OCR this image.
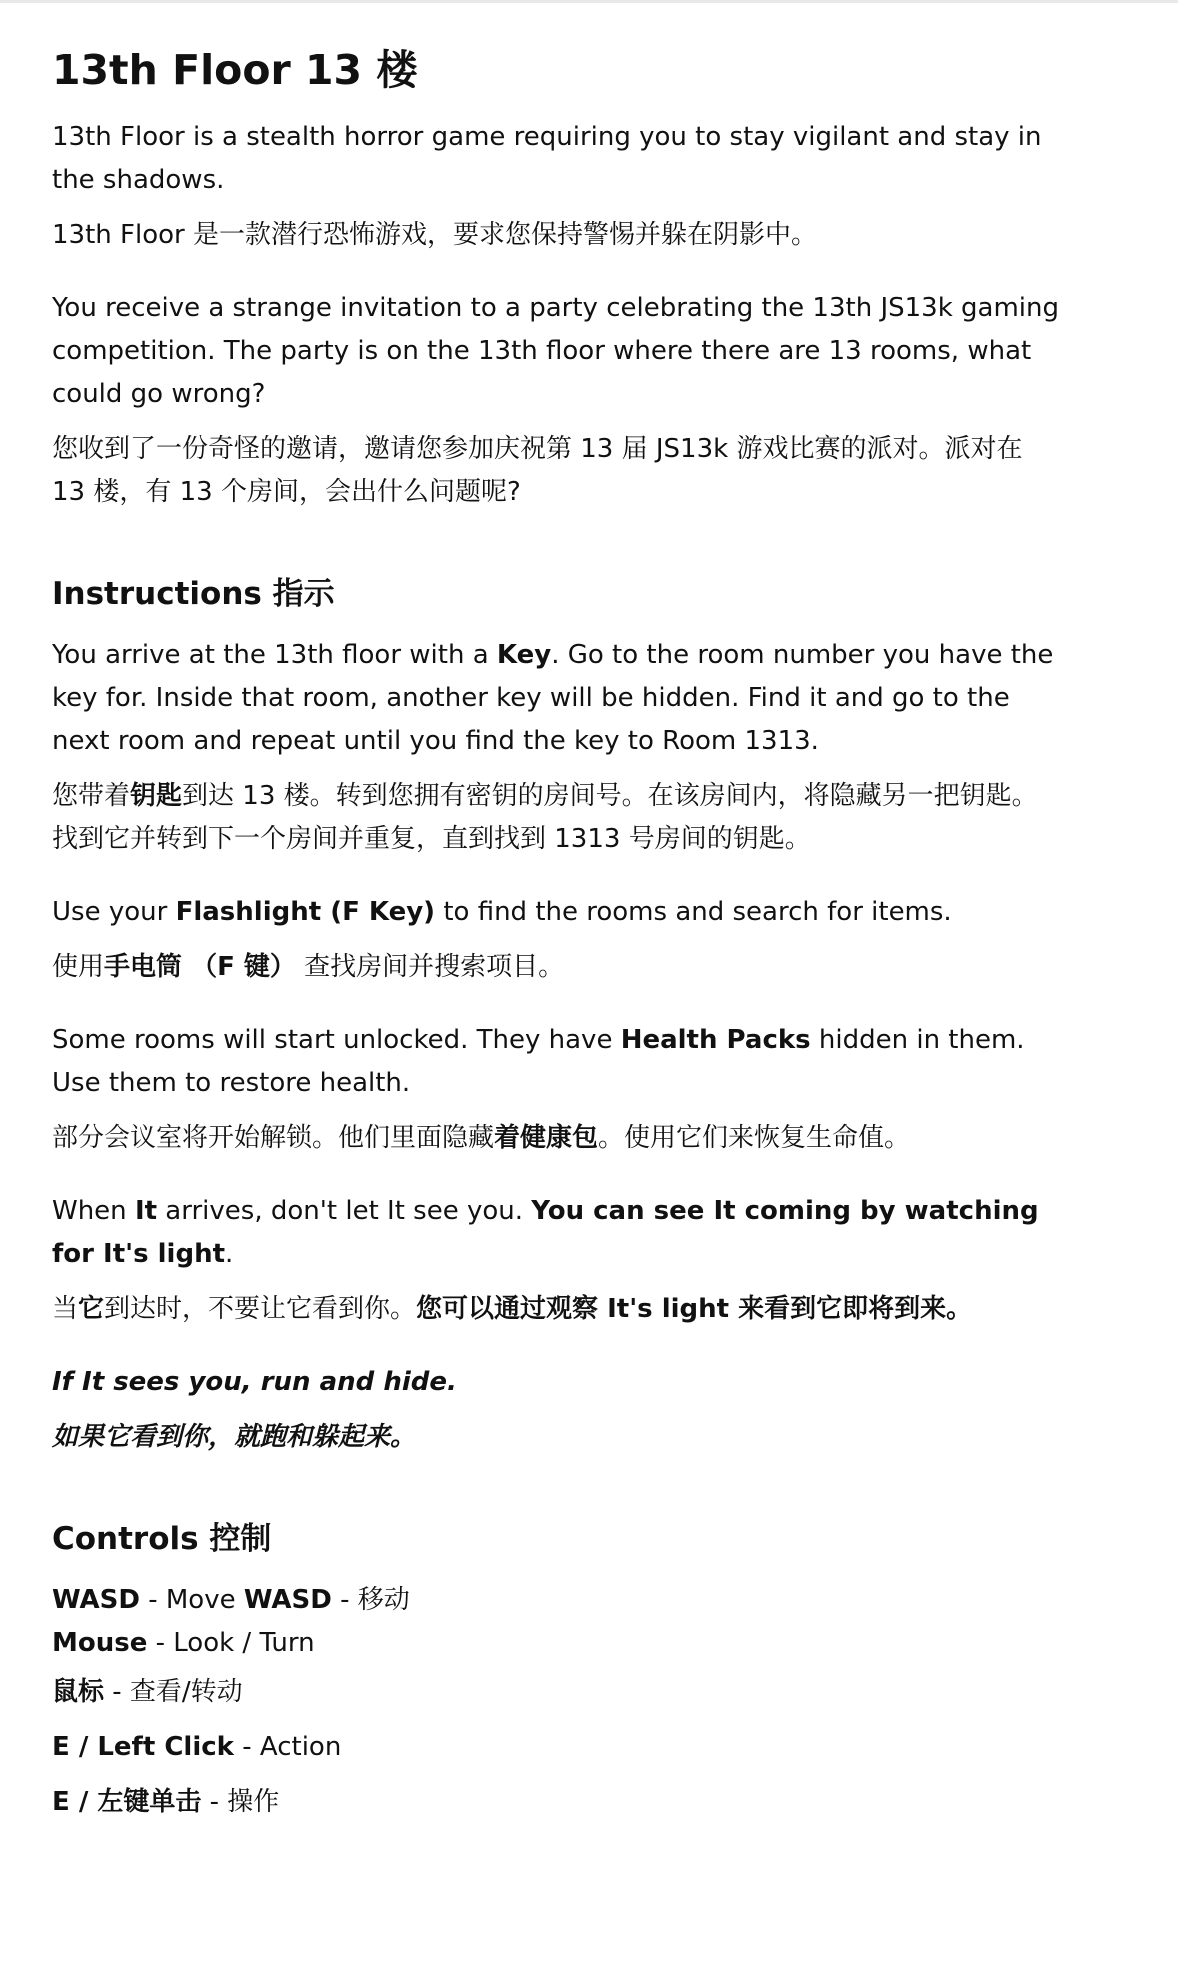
13th Floor 13 楼

13th Floor is a stealth horror game requiring you to stay vigilant and stay in the shadows.

13th Floor 是一款潜行恐怖游戏，要求您保持警惕并躲在阴影中。

You receive a strange invitation to a party celebrating the 13th JS13k gaming competition. The party is on the 13th floor where there are 13 rooms, what could go wrong?

您收到了一份奇怪的邀请，邀请您参加庆祝第 13 届 JS13k 游戏比赛的派对。派对在 13 楼，有 13 个房间，会出什么问题呢?

Instructions 指示

You arrive at the 13th floor with a Key. Go to the room number you have the key for. Inside that room, another key will be hidden. Find it and go to the next room and repeat until you find the key to Room 1313.

您带着钥匙到达 13 楼。转到您拥有密钥的房间号。在该房间内，将隐藏另一把钥匙。找到它并转到下一个房间并重复，直到找到 1313 号房间的钥匙。

Use your Flashlight (F Key) to find the rooms and search for items.

使用手电筒 （F 键） 查找房间并搜索项目。

Some rooms will start unlocked. They have Health Packs hidden in them. Use them to restore health.

部分会议室将开始解锁。他们里面隐藏着健康包。使用它们来恢复生命值。

When It arrives, don't let It see you. You can see It coming by watching for It's light.

当它到达时，不要让它看到你。您可以通过观察 It's light 来看到它即将到来。

If It sees you, run and hide.

如果它看到你，就跑和躲起来。

Controls 控制

WASD - Move WASD - 移动
Mouse - Look / Turn

鼠标 - 查看/转动

E / Left Click - Action

E / 左键单击 - 操作
